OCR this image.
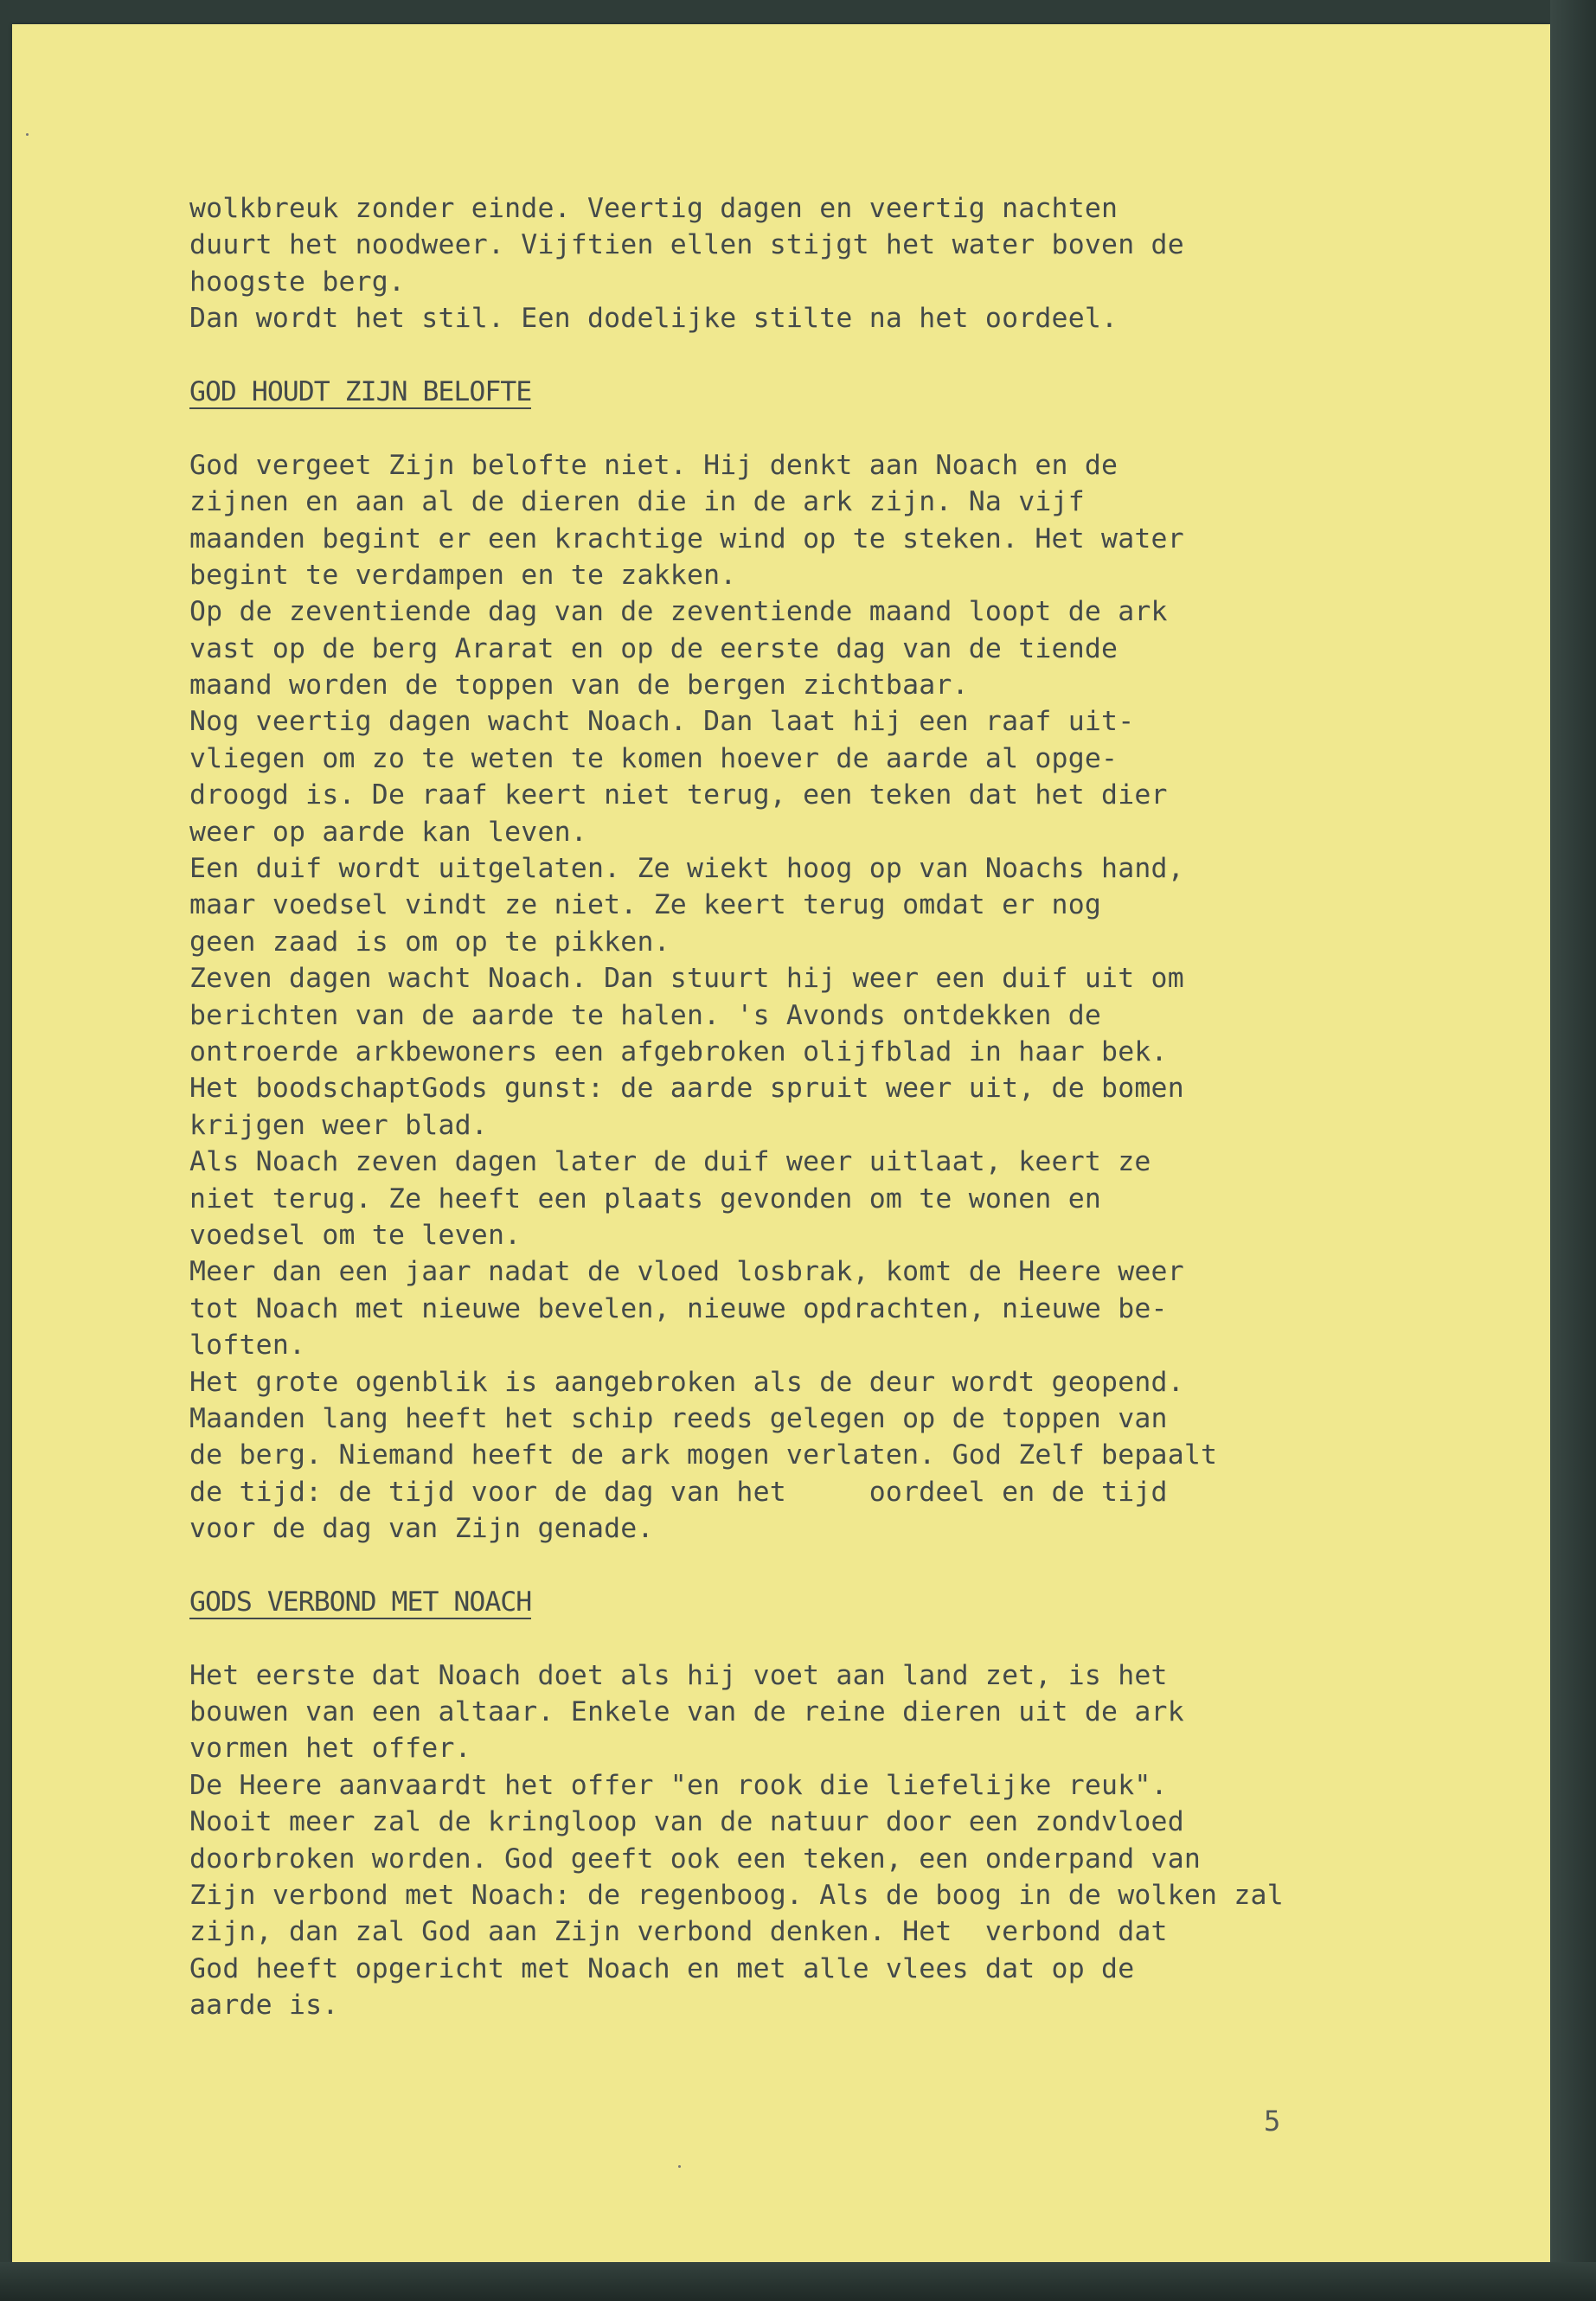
wolkbreuk zonder einde. Veertig dagen en veertig nachten
duurt het noodweer. Vijftien ellen stijgt het water boven de
hoogste berg.
Dan wordt het stil. Een dodelijke stilte na het oordeel.
GOD HOUDT ZIJN BELOFTE
God vergeet Zijn belofte niet. Hij denkt aan Noach en de
zijnen en aan al de dieren die in de ark zijn. Na vijf
maanden begint er een krachtige wind op te steken. Het water
begint te verdampen en te zakken.
Op de zeventiende dag van de zeventiende maand loopt de ark
vast op de berg Ararat en op de eerste dag van de tiende
maand worden de toppen van de bergen zichtbaar.
Nog veertig dagen wacht Noach. Dan laat hij een raaf uit-
vliegen om zo te weten te komen hoever de aarde al opge-
droogd is. De raaf keert niet terug, een teken dat het dier
weer op aarde kan leven.
Een duif wordt uitgelaten. Ze wiekt hoog op van Noachs hand,
maar voedsel vindt ze niet. Ze keert terug omdat er nog
geen zaad is om op te pikken.
Zeven dagen wacht Noach. Dan stuurt hij weer een duif uit om
berichten van de aarde te halen. 's Avonds ontdekken de
ontroerde arkbewoners een afgebroken olijfblad in haar bek.
Het boodschaptGods gunst: de aarde spruit weer uit, de bomen
krijgen weer blad.
Als Noach zeven dagen later de duif weer uitlaat, keert ze
niet terug. Ze heeft een plaats gevonden om te wonen en
voedsel om te leven.
Meer dan een jaar nadat de vloed losbrak, komt de Heere weer
tot Noach met nieuwe bevelen, nieuwe opdrachten, nieuwe be-
loften.
Het grote ogenblik is aangebroken als de deur wordt geopend.
Maanden lang heeft het schip reeds gelegen op de toppen van
de berg. Niemand heeft de ark mogen verlaten. God Zelf bepaalt
de tijd: de tijd voor de dag van het     oordeel en de tijd
voor de dag van Zijn genade.
GODS VERBOND MET NOACH
Het eerste dat Noach doet als hij voet aan land zet, is het
bouwen van een altaar. Enkele van de reine dieren uit de ark
vormen het offer.
De Heere aanvaardt het offer "en rook die liefelijke reuk".
Nooit meer zal de kringloop van de natuur door een zondvloed
doorbroken worden. God geeft ook een teken, een onderpand van
Zijn verbond met Noach: de regenboog. Als de boog in de wolken zal
zijn, dan zal God aan Zijn verbond denken. Het  verbond dat
God heeft opgericht met Noach en met alle vlees dat op de
aarde is.
5
